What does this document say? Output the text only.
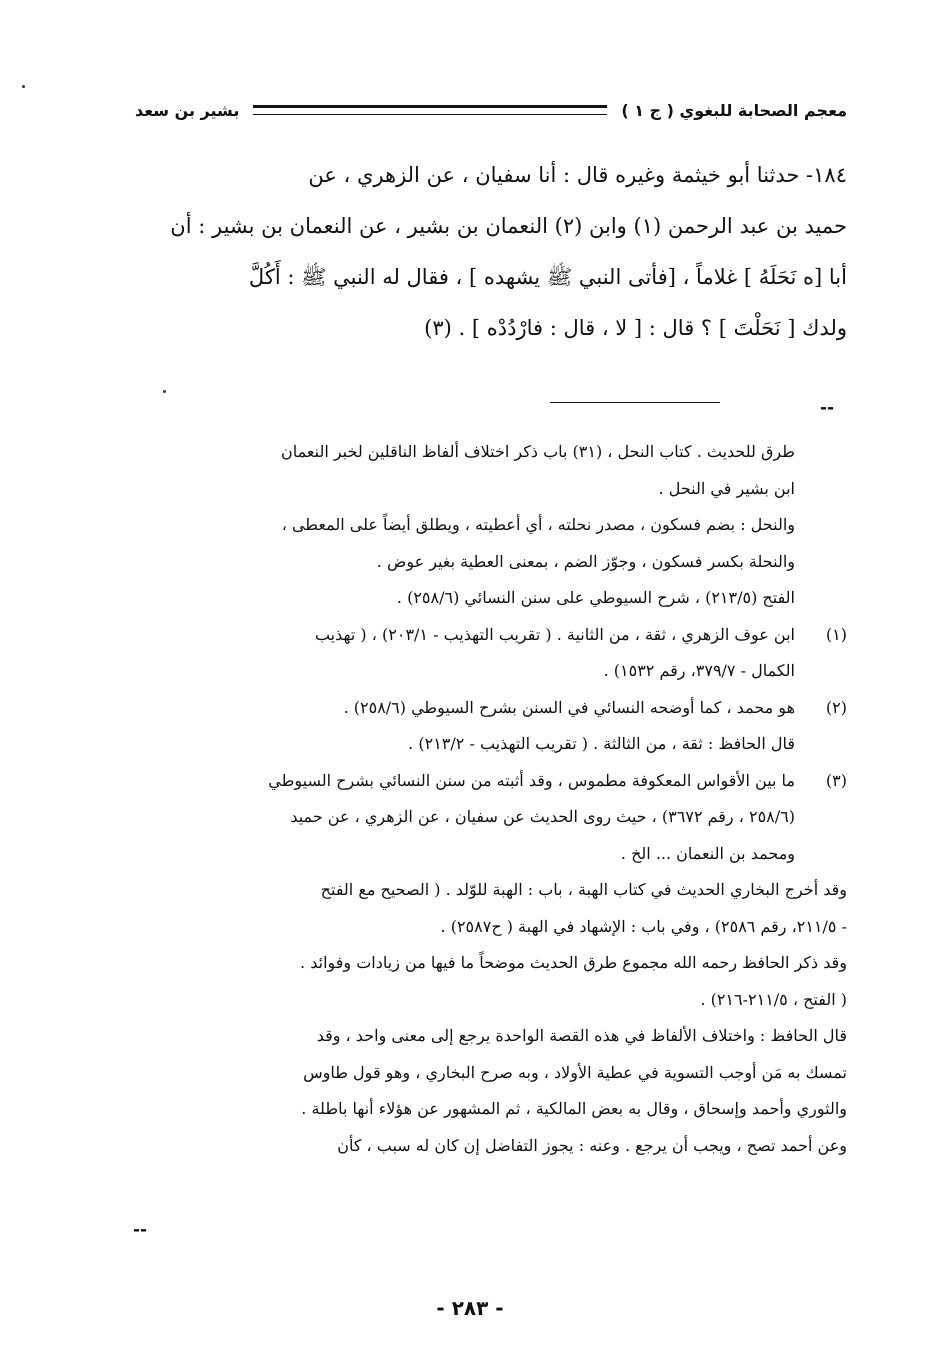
معجم الصحابة للبغوي ( ج ١ )
بشير بن سعد

١٨٤- حدثنا أبو خيثمة وغيره قال : أنا سفيان ، عن الزهري ، عن

حميد بن عبد الرحمن (١) وابن (٢) النعمان بن بشير ، عن النعمان بن بشير : أن

أبا [ه نَحَلَهُ ] غلاماً ، [فأتى النبي ﷺ يشهده ] ، فقال له النبي ﷺ : أَكُلَّ

ولدك [ نَحَلْتَ ] ؟ قال : [ لا ، قال : فارْدُدْه ] . (٣)

--

طرق للحديث . كتاب النحل ، (٣١) باب ذكر اختلاف ألفاظ الناقلين لخبر النعمان

ابن بشير في النحل .

والنحل : بضم فسكون ، مصدر نحلته ، أي أعطيته ، ويطلق أيضاً على المعطى ،

والنحلة بكسر فسكون ، وجوّز الضم ، بمعنى العطية بغير عوض .

الفتح (٢١٣/٥) ، شرح السيوطي على سنن النسائي (٢٥٨/٦) .

(١)

ابن عوف الزهري ، ثقة ، من الثانية . ( تقريب التهذيب - ٢٠٣/١) ، ( تهذيب

الكمال - ٣٧٩/٧، رقم ١٥٣٢) .

(٢)

هو محمد ، كما أوضحه النسائي في السنن بشرح السيوطي (٢٥٨/٦) .

قال الحافظ : ثقة ، من الثالثة . ( تقريب التهذيب - ٢١٣/٢) .

(٣)

ما بين الأقواس المعكوفة مطموس ، وقد أثبته من سنن النسائي بشرح السيوطي

(٢٥٨/٦ ، رقم ٣٦٧٢) ، حيث روى الحديث عن سفيان ، عن الزهري ، عن حميد

ومحمد بن النعمان ... الخ .

وقد أخرج البخاري الحديث في كتاب الهبة ، باب : الهبة للوّلد . ( الصحيح مع الفتح

- ٢١١/٥، رقم ٢٥٨٦) ، وفي باب : الإشهاد في الهبة ( ح٢٥٨٧) .

وقد ذكر الحافظ رحمه الله مجموع طرق الحديث موضحاً ما فيها من زيادات وفوائد .

( الفتح ، ٢١١/٥-٢١٦) .

قال الحافظ : واختلاف الألفاظ في هذه القصة الواحدة يرجع إلى معنى واحد ، وقد

تمسك به مَن أوجب التسوية في عطية الأولاد ، وبه صرح البخاري ، وهو قول طاوس

والثوري وأحمد وإسحاق ، وقال به بعض المالكية ، ثم المشهور عن هؤلاء أنها باطلة .

وعن أحمد تصح ، ويجب أن يرجع . وعنه : يجوز التفاضل إن كان له سبب ، كأن

--
- ٢٨٣ -
